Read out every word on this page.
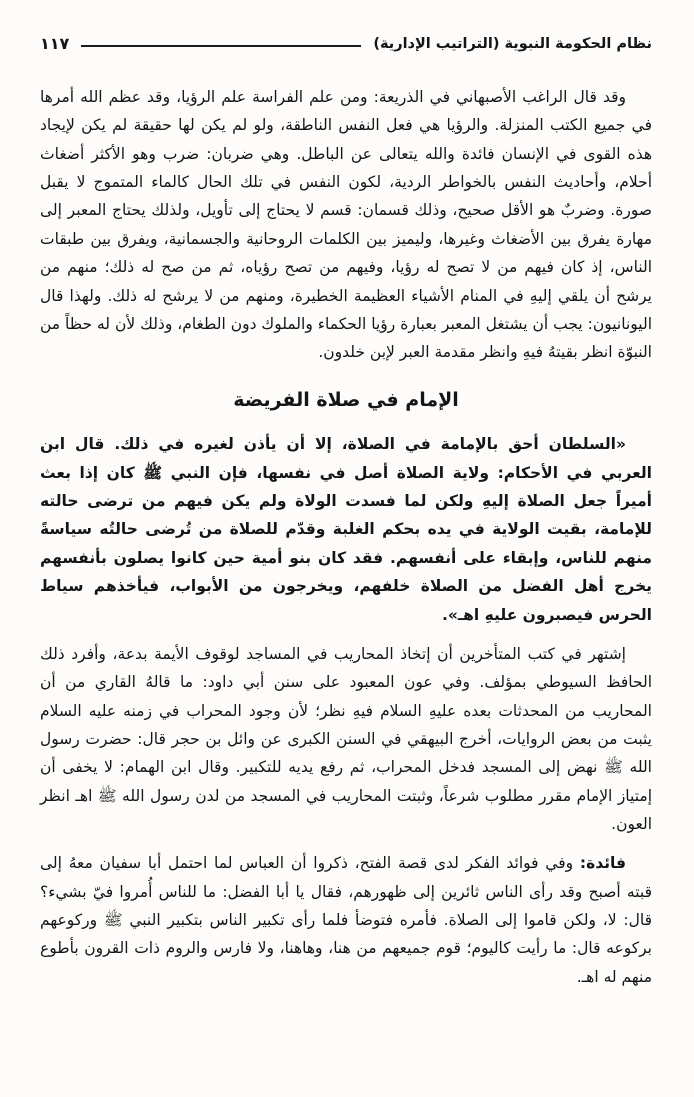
نظام الحكومة النبوية (التراتيب الإدارية)
١١٧

وقد قال الراغب الأصبهاني في الذريعة: ومن علم الفراسة علم الرؤيا، وقد عظم الله أمرها في جميع الكتب المنزلة. والرؤيا هي فعل النفس الناطقة، ولو لم يكن لها حقيقة لم يكن لإيجاد هذه القوى في الإنسان فائدة والله يتعالى عن الباطل. وهي ضربان: ضرب وهو الأكثر أضغاث أحلام، وأحاديث النفس بالخواطر الردية، لكون النفس في تلك الحال كالماء المتموج لا يقبل صورة. وضربٌ هو الأقل صحيح، وذلك قسمان: قسم لا يحتاج إلى تأويل، ولذلك يحتاج المعبر إلى مهارة يفرق بين الأضغاث وغيرها، وليميز بين الكلمات الروحانية والجسمانية، ويفرق بين طبقات الناس، إذ كان فيهم من لا تصح له رؤيا، وفيهم من تصح رؤياه، ثم من صح له ذلك؛ منهم من يرشح أن يلقي إليهِ في المنام الأشياء العظيمة الخطيرة، ومنهم من لا يرشح له ذلك. ولهذا قال اليونانيون: يجب أن يشتغل المعبر بعبارة رؤيا الحكماء والملوك دون الطغام، وذلك لأن له حظاً من النبوّة انظر بقيتهُ فيهِ وانظر مقدمة العبر لإبن خلدون.

الإمام في صلاة الفريضة

«السلطان أحق بالإمامة في الصلاة، إلا أن يأذن لغيره في ذلك. قال ابن العربي في الأحكام: ولاية الصلاة أصل في نفسها، فإن النبي ﷺ كان إذا بعث أميراً جعل الصلاة إليهِ ولكن لما فسدت الولاة ولم يكن فيهم من ترضى حالته للإمامة، بقيت الولاية في يده بحكم الغلبة وقدّم للصلاة من تُرضى حالتُه سياسةً منهم للناس، وإبقاء على أنفسهم. فقد كان بنو أمية حين كانوا يصلون بأنفسهم يخرج أهل الفضل من الصلاة خلفهم، ويخرجون من الأبواب، فيأخذهم سياط الحرس فيصبرون عليهِ اهـ».

إشتهر في كتب المتأخرين أن إتخاذ المحاريب في المساجد لوقوف الأيمة بدعة، وأفرد ذلك الحافظ السيوطي بمؤلف. وفي عون المعبود على سنن أبي داود: ما قالهُ القاري من أن المحاريب من المحدثات بعده عليهِ السلام فيهِ نظر؛ لأن وجود المحراب في زمنه عليه السلام يثبت من بعض الروايات، أخرج البيهقي في السنن الكبرى عن وائل بن حجر قال: حضرت رسول الله ﷺ نهض إلى المسجد فدخل المحراب، ثم رفع يديه للتكبير. وقال ابن الهمام: لا يخفى أن إمتياز الإمام مقرر مطلوب شرعاً، وثبتت المحاريب في المسجد من لدن رسول الله ﷺ اهـ انظر العون.

فائدة: وفي فوائد الفكر لدى قصة الفتح، ذكروا أن العباس لما احتمل أبا سفيان معهُ إلى قبته أصبح وقد رأى الناس ثائرين إلى ظهورهم، فقال يا أبا الفضل: ما للناس أُمروا فيّ بشيء؟ قال: لا، ولكن قاموا إلى الصلاة. فأمره فتوضأ فلما رأى تكبير الناس بتكبير النبي ﷺ وركوعهم بركوعه قال: ما رأيت كاليوم؛ قوم جميعهم من هنا، وهاهنا، ولا فارس والروم ذات القرون بأطوع منهم له اهـ.
